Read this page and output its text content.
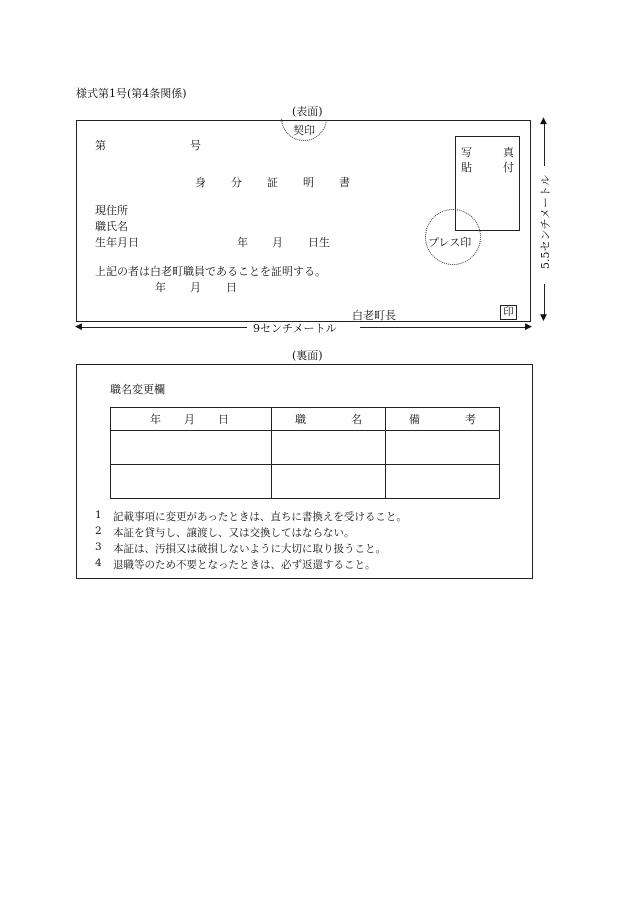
様式第1号(第4条関係)
(表面)
契印
第	号
身 分 証 明 書
写	真
貼	付
プレス印
現住所
職氏名
生年月日	年 月 日生
上記の者は白老町職員であることを証明する。
年 月 日
白老町長	印
◀	9センチメートル	▶
▲
5.5センチメートル
▼
(裏面)
職名変更欄
年 月 日	職 名	備 考

1 記載事項に変更があったときは、直ちに書換えを受けること。
2 本証を貸与し、譲渡し、又は交換してはならない。
3 本証は、汚損又は破損しないように大切に取り扱うこと。
4 退職等のため不要となったときは、必ず返還すること。
